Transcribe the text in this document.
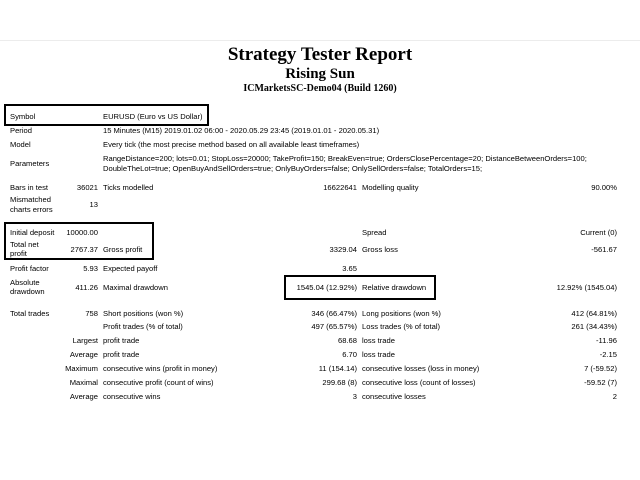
Strategy Tester Report
Rising Sun
ICMarketsSC-Demo04 (Build 1260)
Symbol	EURUSD (Euro vs US Dollar)
Period	15 Minutes (M15) 2019.01.02 06:00 - 2020.05.29 23:45 (2019.01.01 - 2020.05.31)
Model	Every tick (the most precise method based on all available least timeframes)
Parameters
RangeDistance=200; lots=0.01; StopLoss=20000; TakeProfit=150; BreakEven=true; OrdersClosePercentage=20; DistanceBetweenOrders=100;
DoubleTheLot=true; OpenBuyAndSellOrders=true; OnlyBuyOrders=false; OnlySellOrders=false; TotalOrders=15;
Bars in test	36021 Ticks modelled	16622641 Modelling quality	90.00%
Mismatched
charts errors
13
Initial deposit	10000.00	Spread	Current (0)
Total net
profit	2767.37 Gross profit	3329.04 Gross loss	-561.67
Profit factor	5.93 Expected payoff	3.65
Absolute
drawdown	411.26 Maximal drawdown	1545.04 (12.92%) Relative drawdown	12.92% (1545.04)
Total trades	758 Short positions (won %)	346 (66.47%) Long positions (won %)	412 (64.81%)
Profit trades (% of total)	497 (65.57%) Loss trades (% of total)	261 (34.43%)
Largest profit trade	68.68 loss trade	-11.96
Average profit trade	6.70 loss trade	-2.15
Maximum consecutive wins (profit in money)	11 (154.14) consecutive losses (loss in money)	7 (-59.52)
Maximal consecutive profit (count of wins)	299.68 (8) consecutive loss (count of losses)	-59.52 (7)
Average consecutive wins	3 consecutive losses	2
